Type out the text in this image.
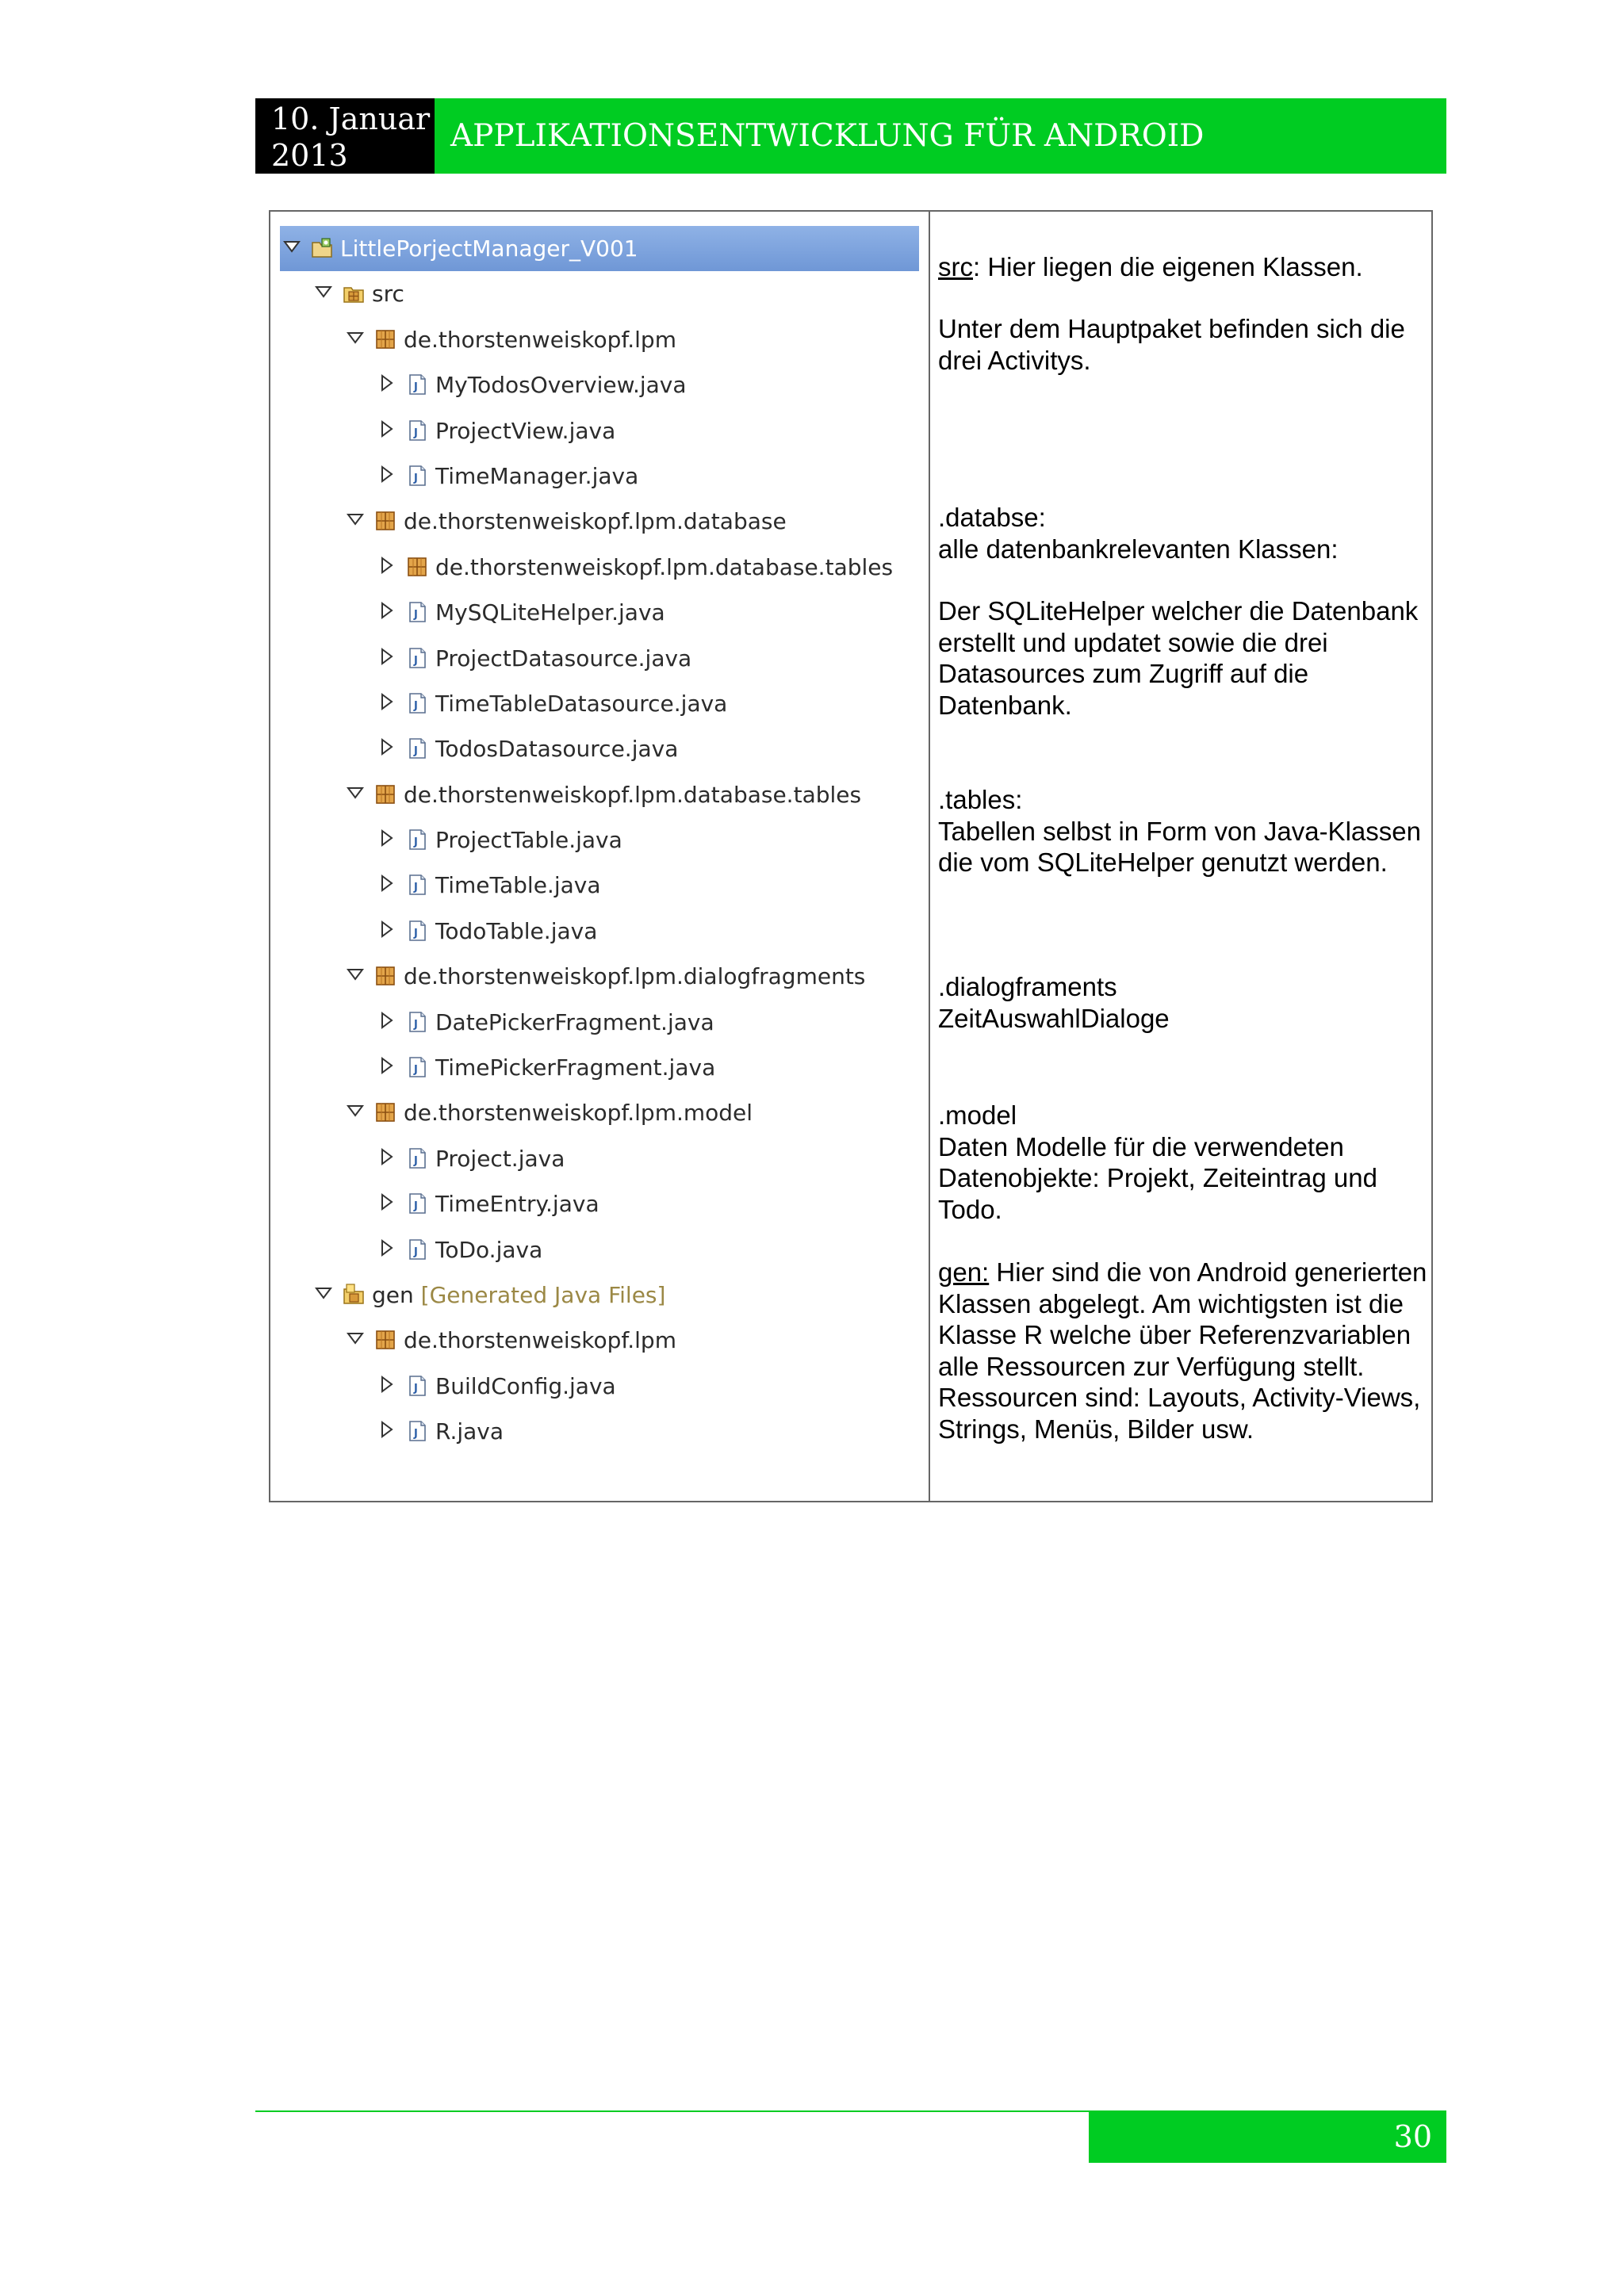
10. Januar
2013
APPLIKATIONSENTWICKLUNG FÜR ANDROID
LittlePorjectManager_V001
src
de.thorstenweiskopf.lpm
J MyTodosOverview.java
J ProjectView.java
J TimeManager.java
de.thorstenweiskopf.lpm.database
de.thorstenweiskopf.lpm.database.tables
J MySQLiteHelper.java
J ProjectDatasource.java
J TimeTableDatasource.java
J TodosDatasource.java
de.thorstenweiskopf.lpm.database.tables
J ProjectTable.java
J TimeTable.java
J TodoTable.java
de.thorstenweiskopf.lpm.dialogfragments
J DatePickerFragment.java
J TimePickerFragment.java
de.thorstenweiskopf.lpm.model
J Project.java
J TimeEntry.java
J ToDo.java
gen [Generated Java Files]
de.thorstenweiskopf.lpm
J BuildConfig.java
J R.java
src: Hier liegen die eigenen Klassen.
Unter dem Hauptpaket befinden sich die drei Activitys.
.databse:
alle datenbankrelevanten Klassen:
Der SQLiteHelper welcher die Datenbank erstellt und updatet sowie die drei Datasources zum Zugriff auf die Datenbank.
.tables:
Tabellen selbst in Form von Java-Klassen die vom SQLiteHelper genutzt werden.
.dialogframents
ZeitAuswahlDialoge
.model
Daten Modelle für die verwendeten Datenobjekte: Projekt, Zeiteintrag und Todo.
gen: Hier sind die von Android generierten Klassen abgelegt. Am wichtigsten ist die Klasse R welche über Referenzvariablen alle Ressourcen zur Verfügung stellt. Ressourcen sind: Layouts, Activity-Views, Strings, Menüs, Bilder usw.
30
